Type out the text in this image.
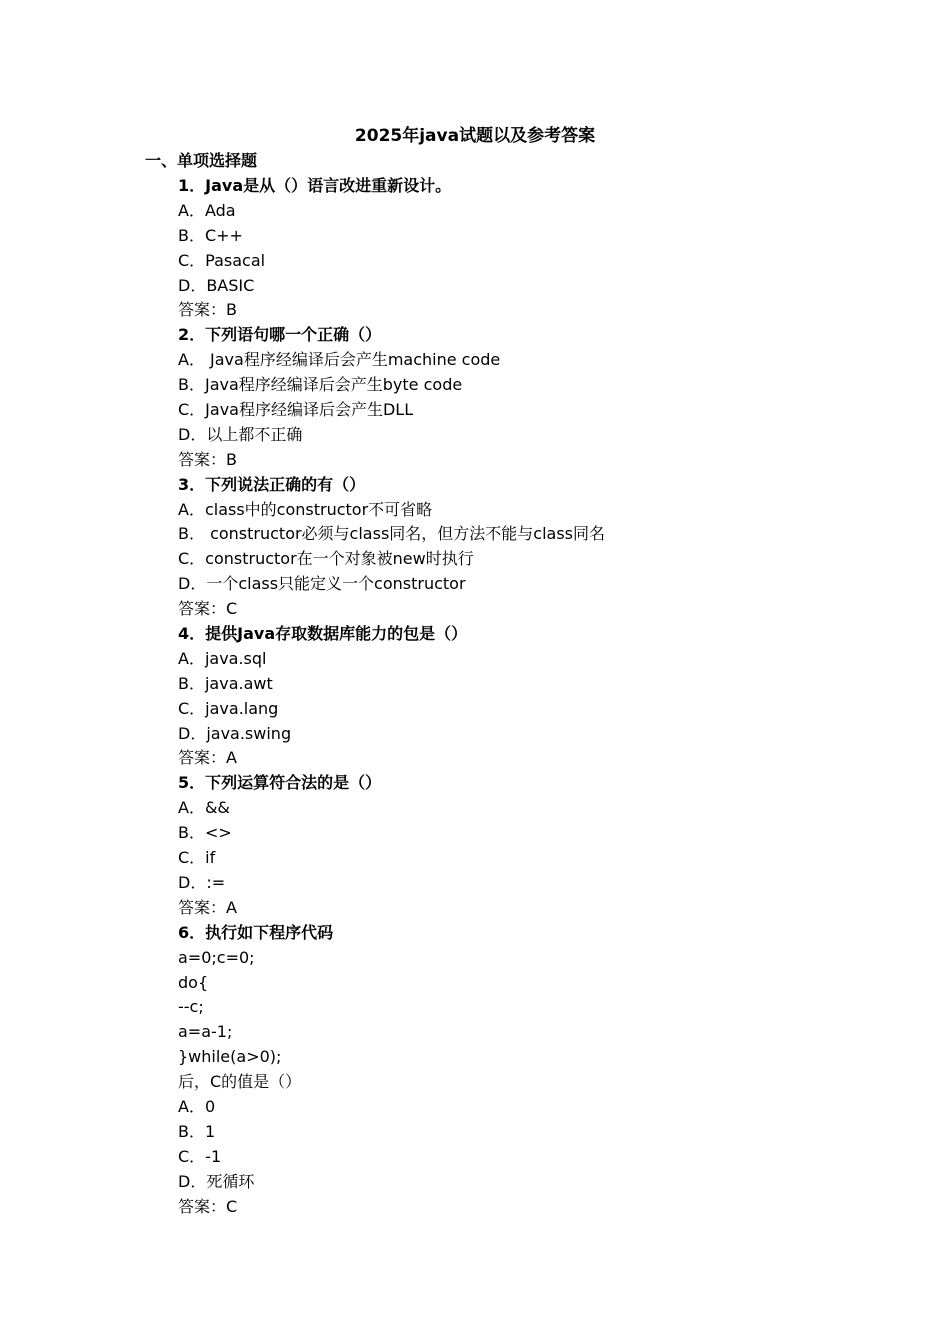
2025年java试题以及参考答案
一、单项选择题
1．Java是从（）语言改进重新设计。
A．Ada
B．C++
C．Pasacal
D．BASIC
答案：B
2．下列语句哪一个正确（）
A． Java程序经编译后会产生machine code
B．Java程序经编译后会产生byte code
C．Java程序经编译后会产生DLL
D．以上都不正确
答案：B
3．下列说法正确的有（）
A．class中的constructor不可省略
B． constructor必须与class同名，但方法不能与class同名
C．constructor在一个对象被new时执行
D．一个class只能定义一个constructor
答案：C
4．提供Java存取数据库能力的包是（）
A．java.sql
B．java.awt
C．java.lang
D．java.swing
答案：A
5．下列运算符合法的是（）
A．&&
B．<>
C．if
D．:=
答案：A
6．执行如下程序代码
a=0;c=0;
do{
--c;
a=a-1;
}while(a>0);
后，C的值是（）
A．0
B．1
C．-1
D．死循环
答案：C
